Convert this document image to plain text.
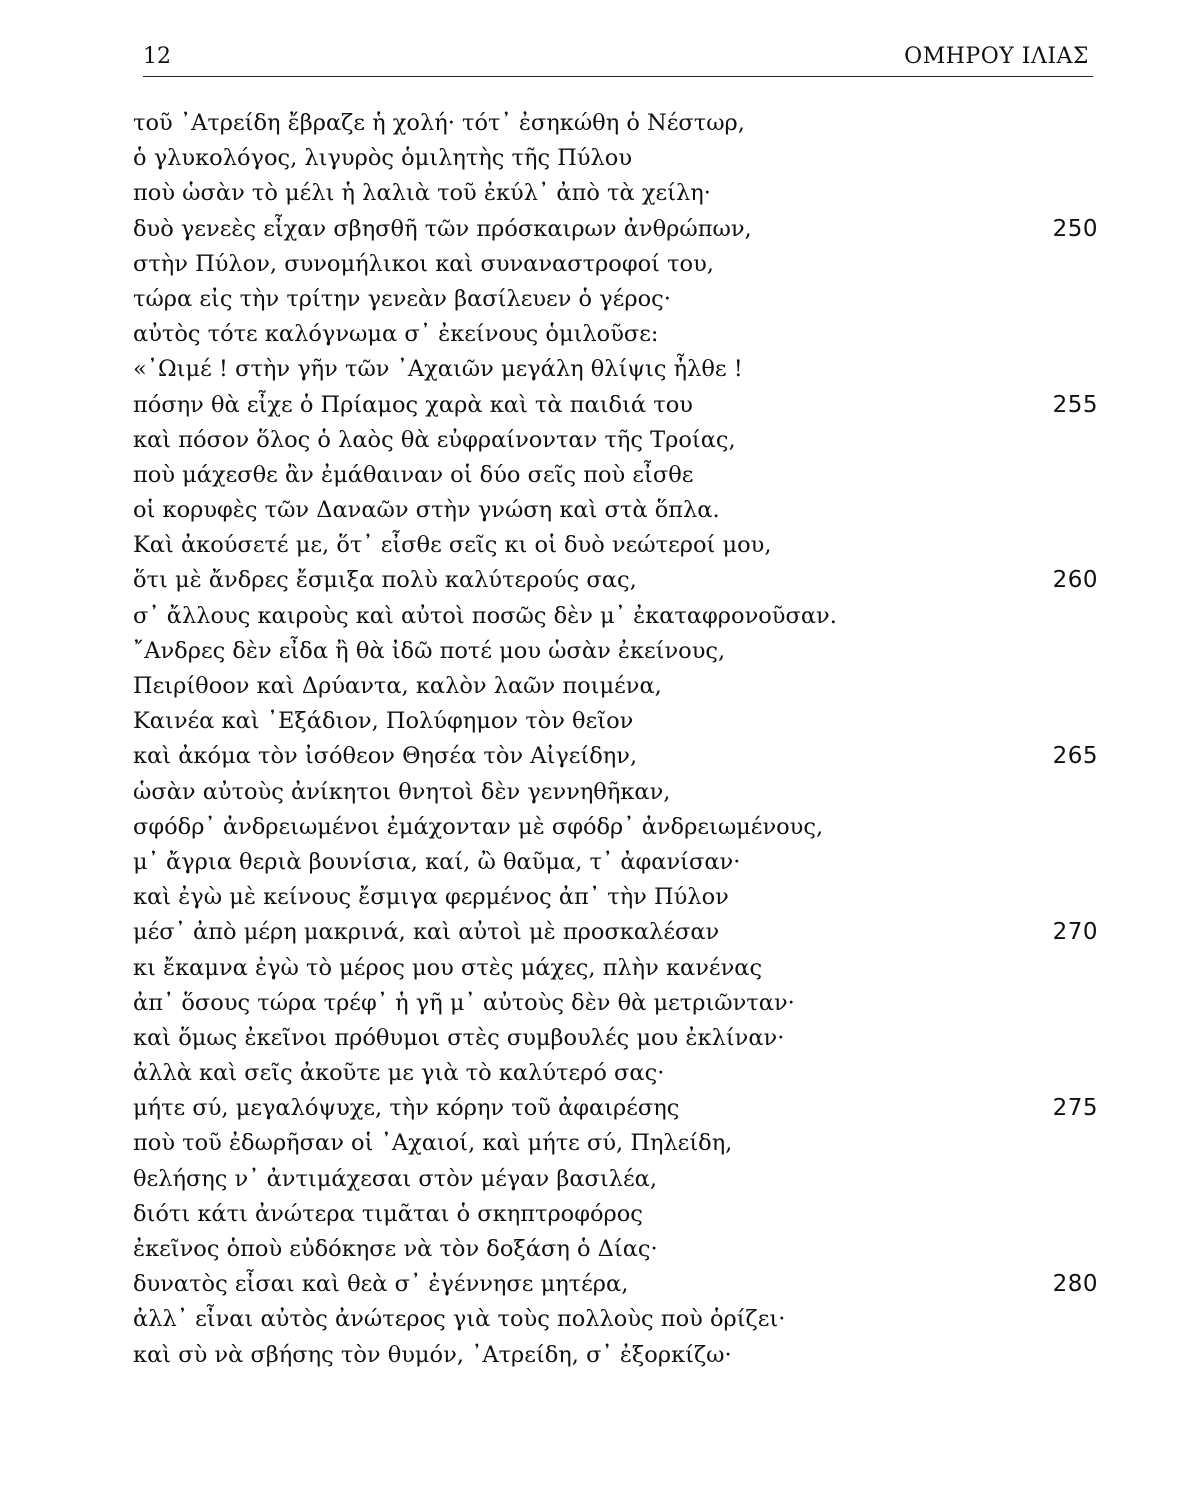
12	ΟΜΗΡΟΥ ΙΛΙΑΣ
τοῦ ᾿Ατρείδη ἔβραζε ἡ χολή· τότ᾿ ἐσηκώθη ὁ Νέστωρ,
ὁ γλυκολόγος, λιγυρὸς ὁμιλητὴς τῆς Πύλου
ποὺ ὡσὰν τὸ μέλι ἡ λαλιὰ τοῦ ἐκύλ᾿ ἀπὸ τὰ χείλη·
δυὸ γενεὲς εἶχαν σβησθῆ τῶν πρόσκαιρων ἀνθρώπων,	250
στὴν Πύλον, συνομήλικοι καὶ συναναστροφοί του,
τώρα εἰς τὴν τρίτην γενεὰν βασίλευεν ὁ γέρος·
αὐτὸς τότε καλόγνωμα σ᾿ ἐκείνους ὁμιλοῦσε:
«᾿Ωιμέ ! στὴν γῆν τῶν ᾿Αχαιῶν μεγάλη θλίψις ἦλθε !
πόσην θὰ εἶχε ὁ Πρίαμος χαρὰ καὶ τὰ παιδιά του	255
καὶ πόσον ὅλος ὁ λαὸς θὰ εὐφραίνονταν τῆς Τροίας,
ποὺ μάχεσθε ἂν ἐμάθαιναν οἱ δύο σεῖς ποὺ εἶσθε
οἱ κορυφὲς τῶν Δαναῶν στὴν γνώση καὶ στὰ ὅπλα.
Καὶ ἀκούσετέ με, ὅτ᾿ εἶσθε σεῖς κι οἱ δυὸ νεώτεροί μου,
ὅτι μὲ ἄνδρες ἔσμιξα πολὺ καλύτερούς σας,	260
σ᾿ ἄλλους καιροὺς καὶ αὐτοὶ ποσῶς δὲν μ᾿ ἐκαταφρονοῦσαν.
῎Ανδρες δὲν εἶδα ἢ θὰ ἰδῶ ποτέ μου ὡσὰν ἐκείνους,
Πειρίθοον καὶ Δρύαντα, καλὸν λαῶν ποιμένα,
Καινέα καὶ ᾿Εξάδιον, Πολύφημον τὸν θεῖον
καὶ ἀκόμα τὸν ἰσόθεον Θησέα τὸν Αἰγείδην,	265
ὡσὰν αὐτοὺς ἀνίκητοι θνητοὶ δὲν γεννηθῆκαν,
σφόδρ᾿ ἀνδρειωμένοι ἐμάχονταν μὲ σφόδρ᾿ ἀνδρειωμένους,
μ᾿ ἄγρια θεριὰ βουνίσια, καί, ὢ θαῦμα, τ᾿ ἀφανίσαν·
καὶ ἐγὼ μὲ κείνους ἔσμιγα φερμένος ἀπ᾿ τὴν Πύλον
μέσ᾿ ἀπὸ μέρη μακρινά, καὶ αὐτοὶ μὲ προσκαλέσαν	270
κι ἔκαμνα ἐγὼ τὸ μέρος μου στὲς μάχες, πλὴν κανένας
ἀπ᾿ ὅσους τώρα τρέφ᾿ ἡ γῆ μ᾿ αὐτοὺς δὲν θὰ μετριῶνταν·
καὶ ὅμως ἐκεῖνοι πρόθυμοι στὲς συμβουλές μου ἐκλίναν·
ἀλλὰ καὶ σεῖς ἀκοῦτε με γιὰ τὸ καλύτερό σας·
μήτε σύ, μεγαλόψυχε, τὴν κόρην τοῦ ἀφαιρέσης	275
ποὺ τοῦ ἐδωρῆσαν οἱ ᾿Αχαιοί, καὶ μήτε σύ, Πηλείδη,
θελήσης ν᾿ ἀντιμάχεσαι στὸν μέγαν βασιλέα,
διότι κάτι ἀνώτερα τιμᾶται ὁ σκηπτροφόρος
ἐκεῖνος ὁποὺ εὐδόκησε νὰ τὸν δοξάση ὁ Δίας·
δυνατὸς εἶσαι καὶ θεὰ σ᾿ ἐγέννησε μητέρα,	280
ἀλλ᾿ εἶναι αὐτὸς ἀνώτερος γιὰ τοὺς πολλοὺς ποὺ ὁρίζει·
καὶ σὺ νὰ σβήσης τὸν θυμόν, ᾿Ατρείδη, σ᾿ ἐξορκίζω·
